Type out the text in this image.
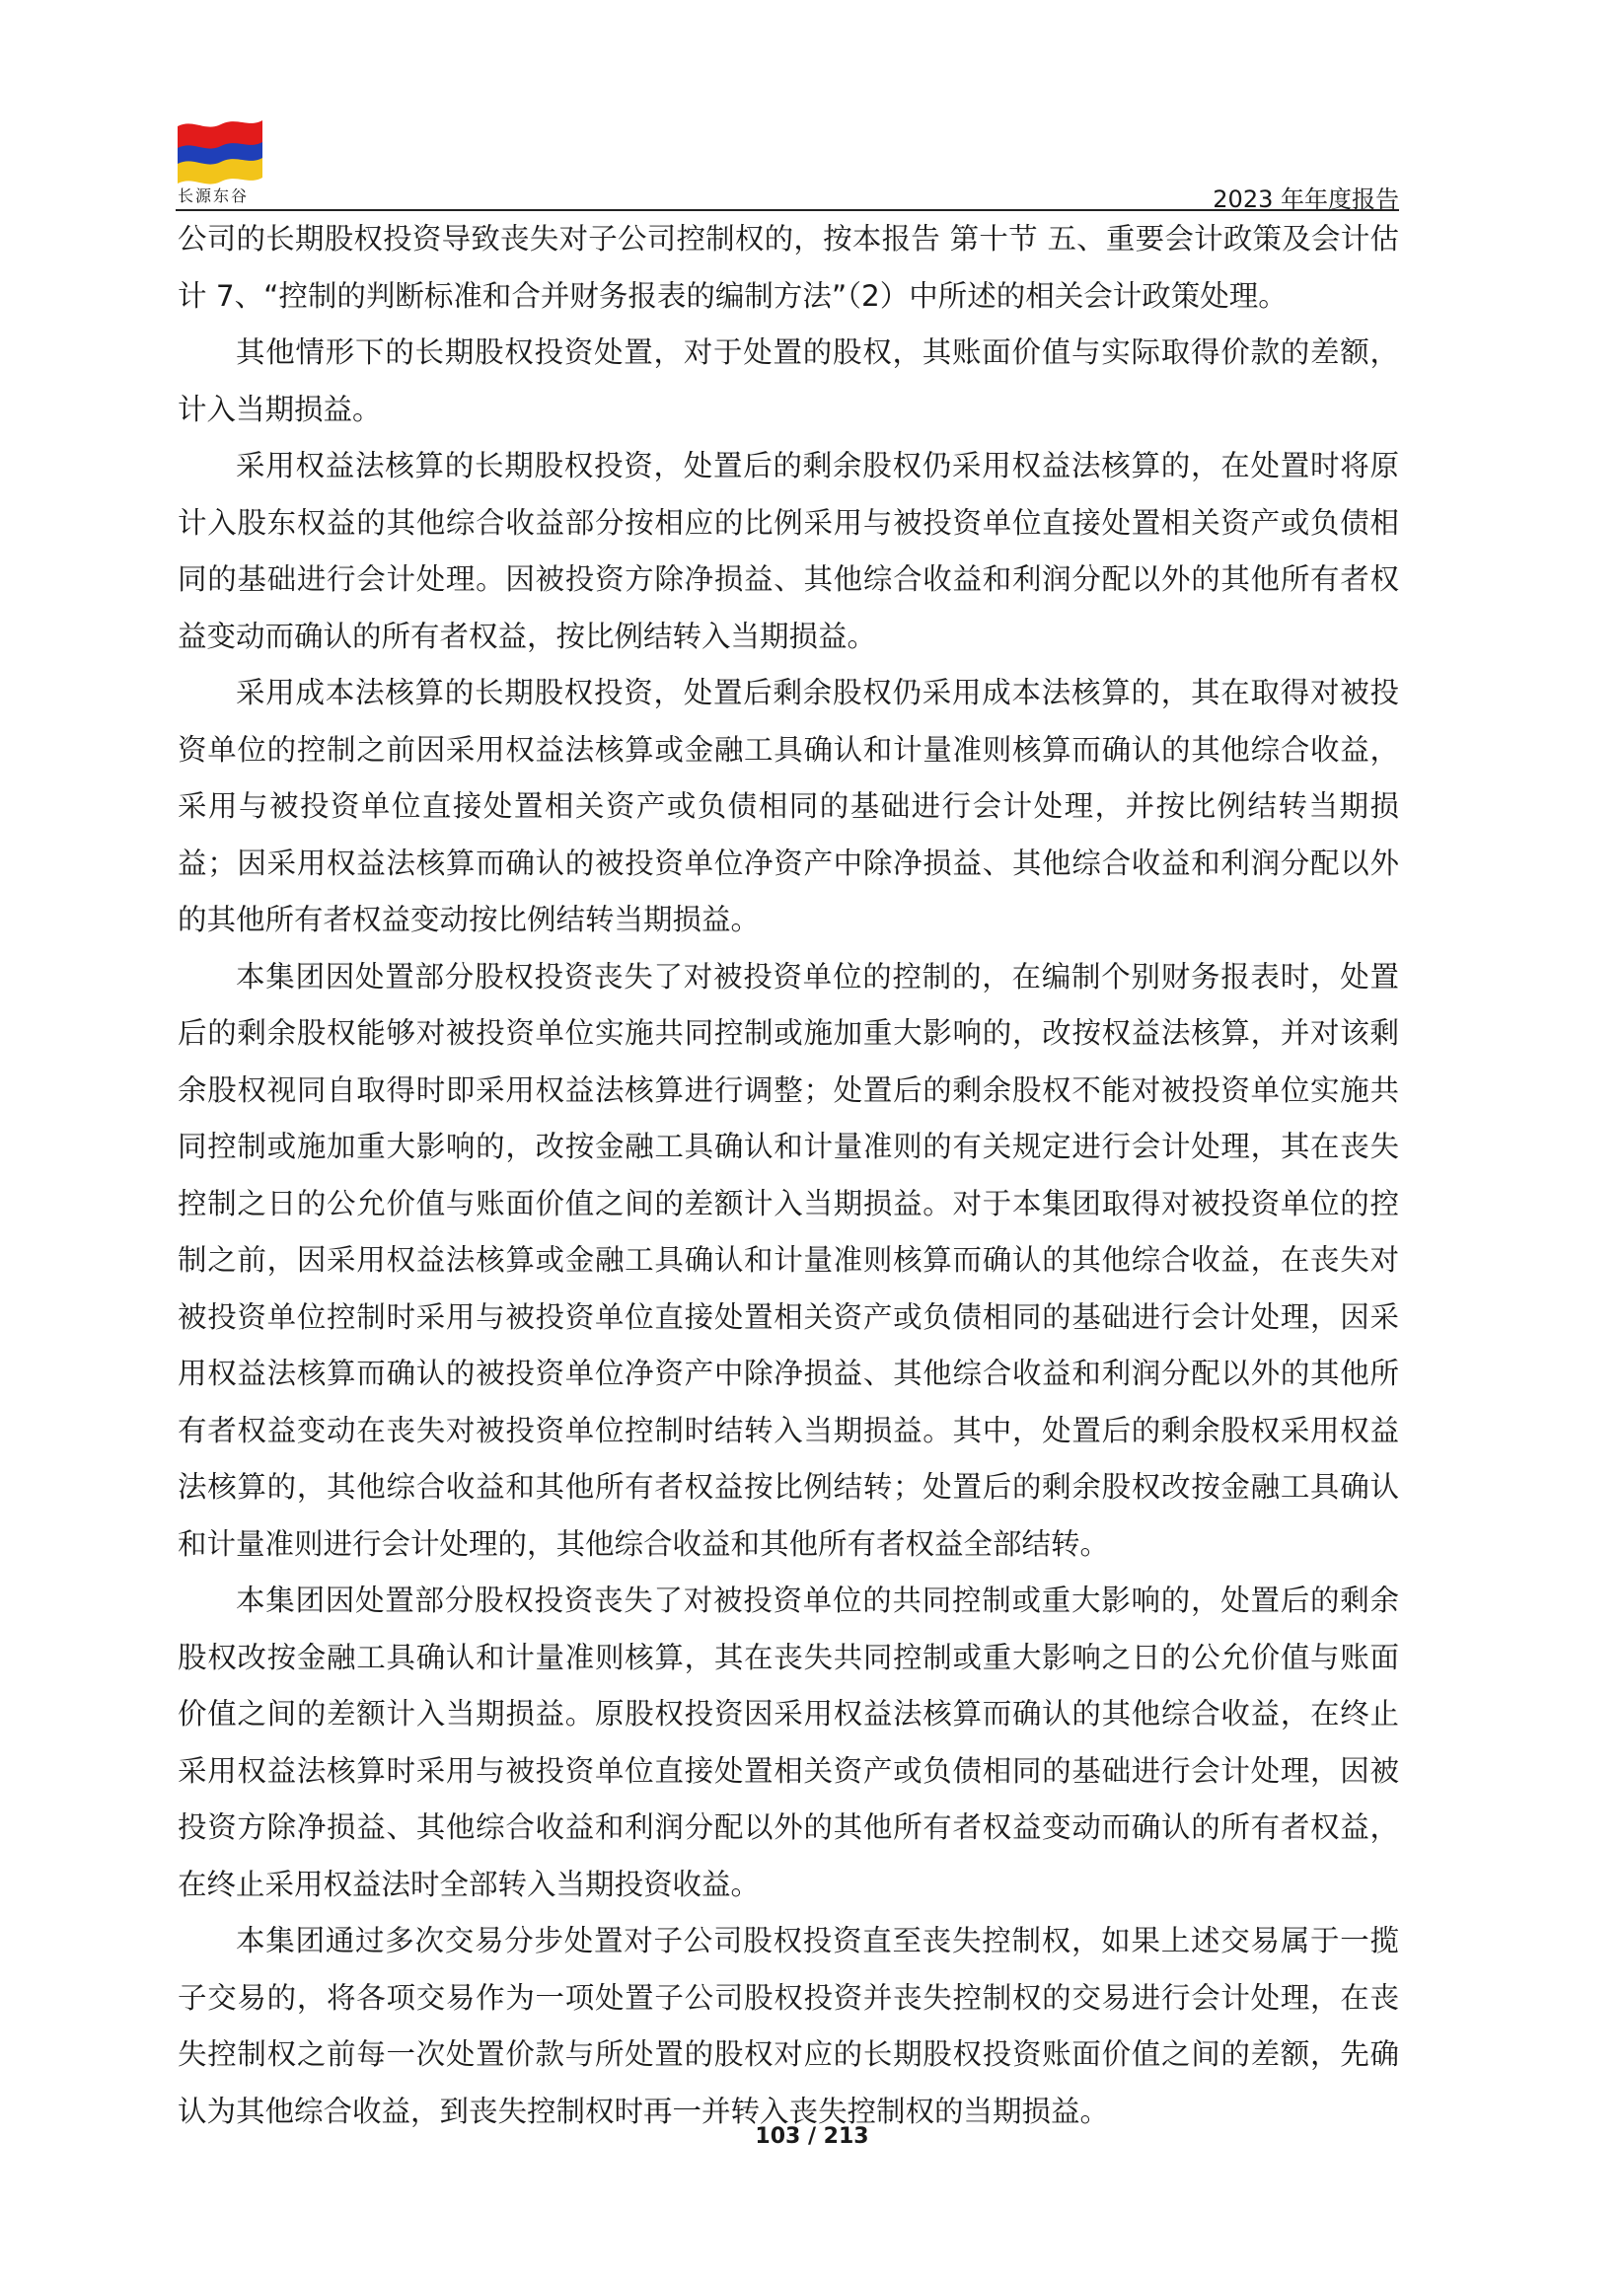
长源东谷	2023 年年度报告

公司的长期股权投资导致丧失对子公司控制权的，按本报告 第十节 五、重要会计政策及会计估计 7、“控制的判断标准和合并财务报表的编制方法”（2）中所述的相关会计政策处理。

其他情形下的长期股权投资处置，对于处置的股权，其账面价值与实际取得价款的差额，计入当期损益。

采用权益法核算的长期股权投资，处置后的剩余股权仍采用权益法核算的，在处置时将原计入股东权益的其他综合收益部分按相应的比例采用与被投资单位直接处置相关资产或负债相同的基础进行会计处理。因被投资方除净损益、其他综合收益和利润分配以外的其他所有者权益变动而确认的所有者权益，按比例结转入当期损益。

采用成本法核算的长期股权投资，处置后剩余股权仍采用成本法核算的，其在取得对被投资单位的控制之前因采用权益法核算或金融工具确认和计量准则核算而确认的其他综合收益，采用与被投资单位直接处置相关资产或负债相同的基础进行会计处理，并按比例结转当期损益；因采用权益法核算而确认的被投资单位净资产中除净损益、其他综合收益和利润分配以外的其他所有者权益变动按比例结转当期损益。

本集团因处置部分股权投资丧失了对被投资单位的控制的，在编制个别财务报表时，处置后的剩余股权能够对被投资单位实施共同控制或施加重大影响的，改按权益法核算，并对该剩余股权视同自取得时即采用权益法核算进行调整；处置后的剩余股权不能对被投资单位实施共同控制或施加重大影响的，改按金融工具确认和计量准则的有关规定进行会计处理，其在丧失控制之日的公允价值与账面价值之间的差额计入当期损益。对于本集团取得对被投资单位的控制之前，因采用权益法核算或金融工具确认和计量准则核算而确认的其他综合收益，在丧失对被投资单位控制时采用与被投资单位直接处置相关资产或负债相同的基础进行会计处理，因采用权益法核算而确认的被投资单位净资产中除净损益、其他综合收益和利润分配以外的其他所有者权益变动在丧失对被投资单位控制时结转入当期损益。其中，处置后的剩余股权采用权益法核算的，其他综合收益和其他所有者权益按比例结转；处置后的剩余股权改按金融工具确认和计量准则进行会计处理的，其他综合收益和其他所有者权益全部结转。

本集团因处置部分股权投资丧失了对被投资单位的共同控制或重大影响的，处置后的剩余股权改按金融工具确认和计量准则核算，其在丧失共同控制或重大影响之日的公允价值与账面价值之间的差额计入当期损益。原股权投资因采用权益法核算而确认的其他综合收益，在终止采用权益法核算时采用与被投资单位直接处置相关资产或负债相同的基础进行会计处理，因被投资方除净损益、其他综合收益和利润分配以外的其他所有者权益变动而确认的所有者权益，在终止采用权益法时全部转入当期投资收益。

本集团通过多次交易分步处置对子公司股权投资直至丧失控制权，如果上述交易属于一揽子交易的，将各项交易作为一项处置子公司股权投资并丧失控制权的交易进行会计处理，在丧失控制权之前每一次处置价款与所处置的股权对应的长期股权投资账面价值之间的差额，先确认为其他综合收益，到丧失控制权时再一并转入丧失控制权的当期损益。

103 / 213
